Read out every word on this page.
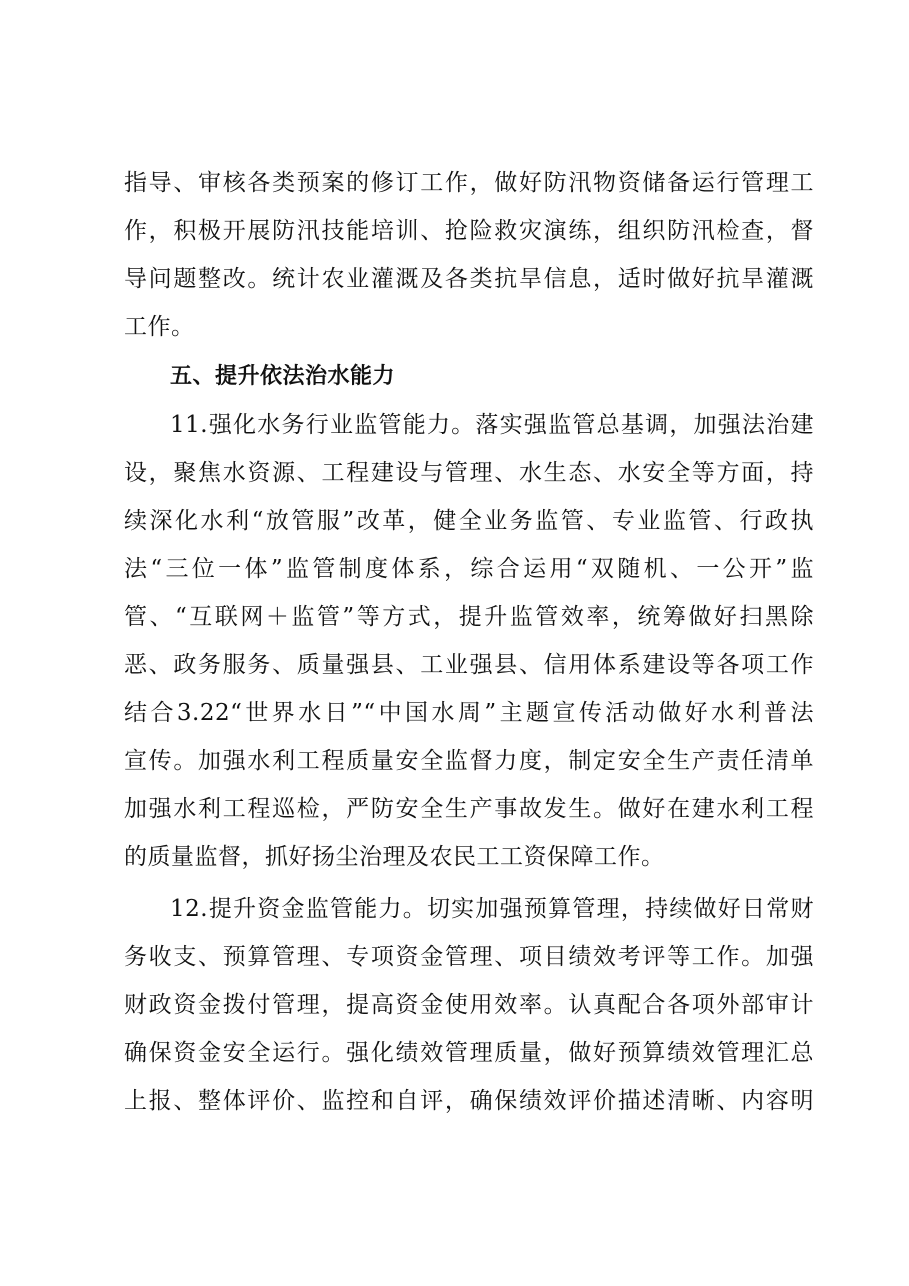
指导、审核各类预案的修订工作，做好防汛物资储备运行管理工
作，积极开展防汛技能培训、抢险救灾演练，组织防汛检查，督
导问题整改。统计农业灌溉及各类抗旱信息，适时做好抗旱灌溉
工作。
五、提升依法治水能力
11.强化水务行业监管能力。落实强监管总基调，加强法治建
设，聚焦水资源、工程建设与管理、水生态、水安全等方面，持
续深化水利“放管服”改革，健全业务监管、专业监管、行政执
法“三位一体”监管制度体系，综合运用“双随机、一公开”监
管、“互联网＋监管”等方式，提升监管效率，统筹做好扫黑除
恶、政务服务、质量强县、工业强县、信用体系建设等各项工作
结合3.22“世界水日”“中国水周”主题宣传活动做好水利普法
宣传。加强水利工程质量安全监督力度，制定安全生产责任清单
加强水利工程巡检，严防安全生产事故发生。做好在建水利工程
的质量监督，抓好扬尘治理及农民工工资保障工作。
12.提升资金监管能力。切实加强预算管理，持续做好日常财
务收支、预算管理、专项资金管理、项目绩效考评等工作。加强
财政资金拨付管理，提高资金使用效率。认真配合各项外部审计
确保资金安全运行。强化绩效管理质量，做好预算绩效管理汇总
上报、整体评价、监控和自评，确保绩效评价描述清晰、内容明
